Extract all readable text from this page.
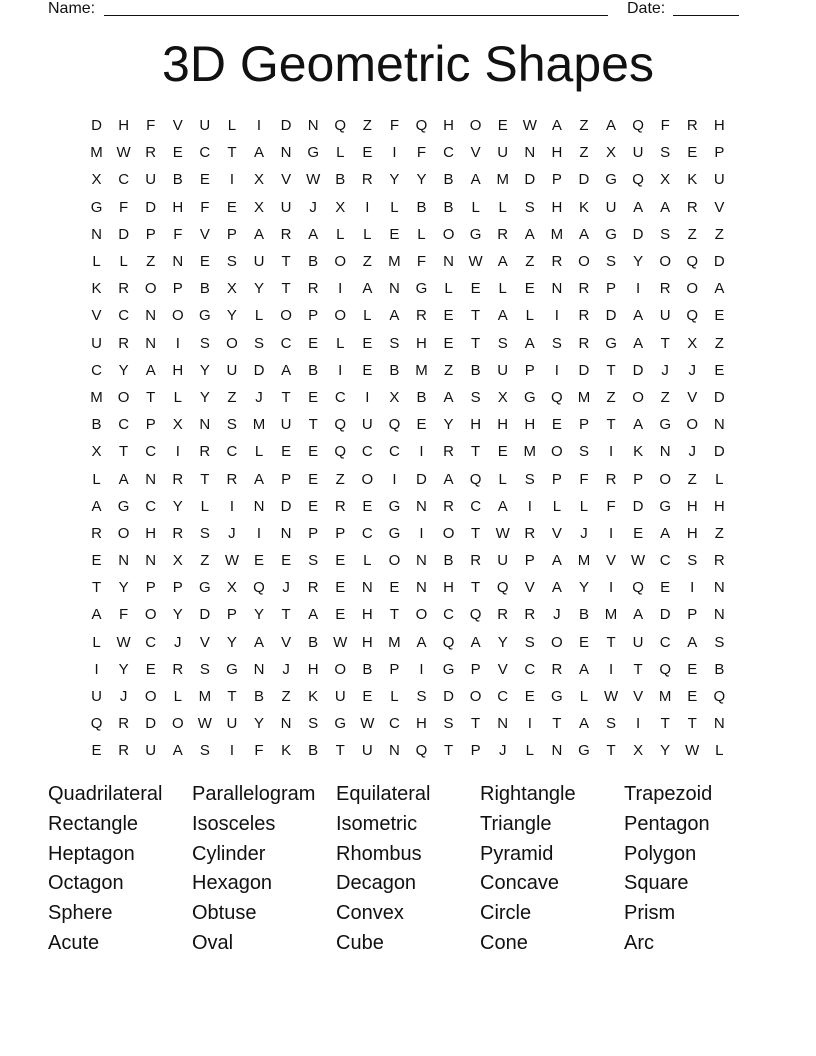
Name:	Date:
3D Geometric Shapes
D	H	F	V	U	L	I	D	N	Q	Z	F	Q	H	O	E W A	Z	A	Q	F	R	H
M W R	E	C	T	A	N	G	L	E	I	F	C	V	U	N	H	Z	X	U	S	E	P
X	C	U	B	E	I	X	V W B	R	Y	Y	B	A	M	D	P	D	G	Q	X	K	U
G	F	D	H	F	E	X	U	J	X	I	L	B	B	L	L	S	H	K	U	A	A	R	V
N	D	P	F	V	P	A	R	A	L	L	E	L	O	G	R	A	M	A	G	D	S	Z	Z
L	L	Z	N	E	S	U	T	B	O	Z	M	F	N W A	Z	R	O	S	Y	O	Q	D
K	R	O	P	B	X	Y	T	R	I	A	N	G	L	E	L	E	N	R	P	I	R	O	A
V	C	N	O	G	Y	L	O	P	O	L	A	R	E	T	A	L	I	R	D	A	U	Q	E
U	R	N	I	S	O	S	C	E	L	E	S	H	E	T	S	A	S	R	G	A	T	X	Z
C	Y	A	H	Y	U	D	A	B	I	E	B	M	Z	B	U	P	I	D	T	D	J	J	E
M	O	T	L	Y	Z	J	T	E	C	I	X	B	A	S	X	G	Q M	Z	O	Z	V	D
B	C	P	X	N	S	M	U	T	Q	U	Q	E	Y	H	H	H	E	P	T	A	G	O	N
X	T	C	I	R	C	L	E	E	Q	C	C	I	R	T	E	M	O	S	I	K	N	J	D
L	A	N	R	T	R	A	P	E	Z	O	I	D	A	Q	L	S	P	F	R	P	O	Z	L
A	G	C	Y	L	I	N	D	E	R	E	G	N	R	C	A	I	L	L	F	D	G	H	H
R	O	H	R	S	J	I	N	P	P	C	G	I	O	T	W R	V	J	I	E	A	H	Z
E	N	N	X	Z	W E	E	S	E	L	O	N	B	R	U	P	A	M	V W C	S	R
T	Y	P	P	G	X	Q	J	R	E	N	E	N	H	T	Q	V	A	Y	I	Q	E	I	N
A	F	O	Y	D	P	Y	T	A	E	H	T	O	C	Q	R	R	J	B	M	A	D	P	N
L	W C	J	V	Y	A	V	B W H	M	A	Q	A	Y	S	O	E	T	U	C	A	S
I	Y	E	R	S	G	N	J	H	O	B	P	I	G	P	V	C	R	A	I	T	Q	E	B
U	J	O	L	M	T	B	Z	K	U	E	L	S	D	O	C	E	G	L	W V	M	E	Q
Q	R	D	O W U	Y	N	S	G W C	H	S	T	N	I	T	A	S	I	T	T	N
E	R	U	A	S	I	F	K	B	T	U	N	Q	T	P	J	L	N	G	T	X	Y W	L
Quadrilateral	Parallelogram	Equilateral	Rightangle	Trapezoid
Rectangle	Isosceles	Isometric	Triangle	Pentagon
Heptagon	Cylinder	Rhombus	Pyramid	Polygon
Octagon	Hexagon	Decagon	Concave	Square
Sphere	Obtuse	Convex	Circle	Prism
Acute	Oval	Cube	Cone	Arc
